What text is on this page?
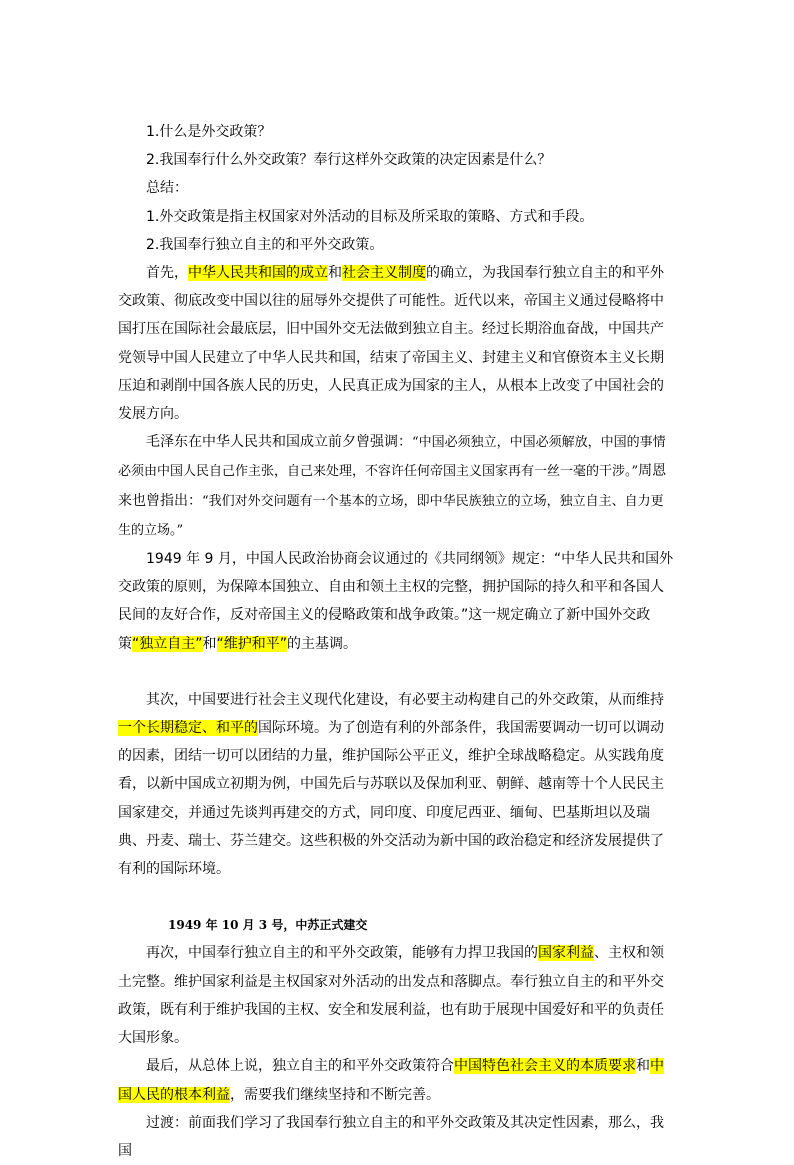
1.什么是外交政策？

2.我国奉行什么外交政策？奉行这样外交政策的决定因素是什么？

总结：

1.外交政策是指主权国家对外活动的目标及所采取的策略、方式和手段。

2.我国奉行独立自主的和平外交政策。

首先，中华人民共和国的成立和社会主义制度的确立，为我国奉行独立自主的和平外交政策、彻底改变中国以往的屈辱外交提供了可能性。近代以来，帝国主义通过侵略将中国打压在国际社会最底层，旧中国外交无法做到独立自主。经过长期浴血奋战，中国共产党领导中国人民建立了中华人民共和国，结束了帝国主义、封建主义和官僚资本主义长期压迫和剥削中国各族人民的历史，人民真正成为国家的主人，从根本上改变了中国社会的发展方向。

毛泽东在中华人民共和国成立前夕曾强调：“中国必须独立，中国必须解放，中国的事情必须由中国人民自己作主张，自己来处理，不容许任何帝国主义国家再有一丝一毫的干涉。”周恩来也曾指出：“我们对外交问题有一个基本的立场，即中华民族独立的立场，独立自主、自力更生的立场。”

1949 年 9 月，中国人民政治协商会议通过的《共同纲领》规定：“中华人民共和国外交政策的原则，为保障本国独立、自由和领土主权的完整，拥护国际的持久和平和各国人民间的友好合作，反对帝国主义的侵略政策和战争政策。”这一规定确立了新中国外交政策“独立自主”和“维护和平”的主基调。

其次，中国要进行社会主义现代化建设，有必要主动构建自己的外交政策，从而维持一个长期稳定、和平的国际环境。为了创造有利的外部条件，我国需要调动一切可以调动的因素，团结一切可以团结的力量，维护国际公平正义，维护全球战略稳定。从实践角度看，以新中国成立初期为例，中国先后与苏联以及保加利亚、朝鲜、越南等十个人民民主国家建交，并通过先谈判再建交的方式，同印度、印度尼西亚、缅甸、巴基斯坦以及瑞典、丹麦、瑞士、芬兰建交。这些积极的外交活动为新中国的政治稳定和经济发展提供了有利的国际环境。

1949 年 10 月 3 号，中苏正式建交

再次，中国奉行独立自主的和平外交政策，能够有力捍卫我国的国家利益、主权和领土完整。维护国家利益是主权国家对外活动的出发点和落脚点。奉行独立自主的和平外交政策，既有利于维护我国的主权、安全和发展利益，也有助于展现中国爱好和平的负责任大国形象。

最后，从总体上说，独立自主的和平外交政策符合中国特色社会主义的本质要求和中国人民的根本利益，需要我们继续坚持和不断完善。

过渡：前面我们学习了我国奉行独立自主的和平外交政策及其决定性因素，那么，我国
